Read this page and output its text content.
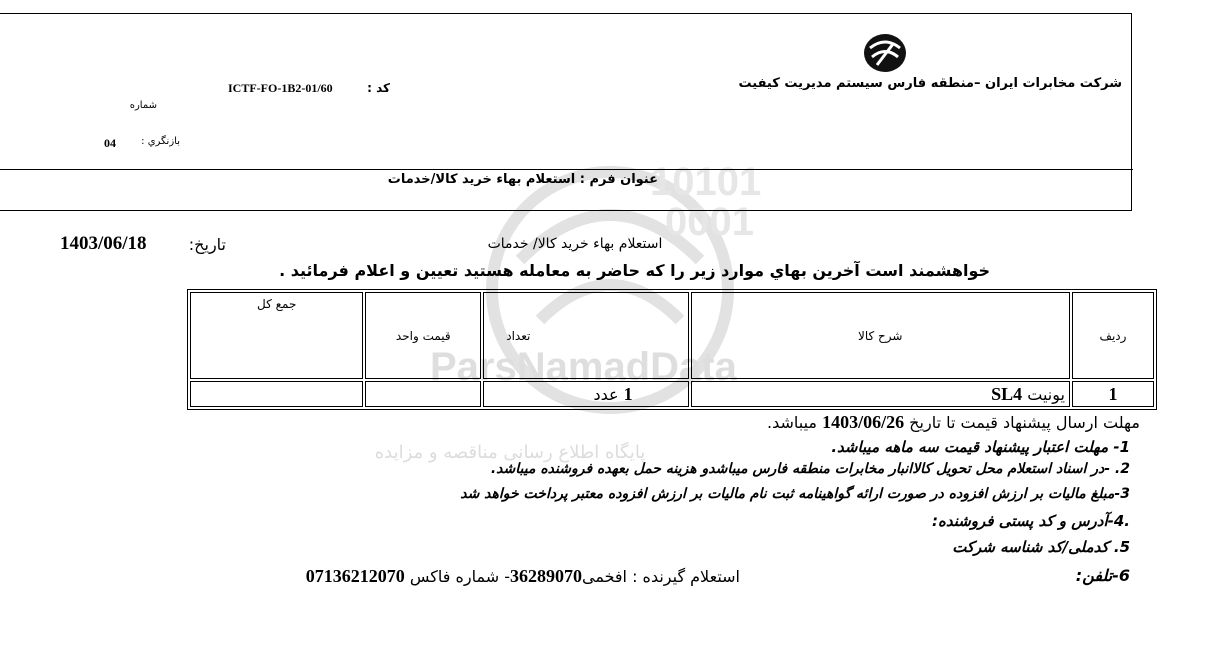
10101
0001
ParsNamadData
پایگاه اطلاع رسانی مناقصه و مزایده
شرکت مخابرات ایران –منطقه فارس سیستم مدیریت کیفیت
کد :
ICTF-FO-1B2-01/60
شماره
بازنگري :
04
عنوان فرم : استعلام بهاء خريد كالا/خدمات
استعلام بهاء خريد كالا/ خدمات
تاریخ:
1403/06/18
خواهشمند است آخرين بهاي موارد زير را كه حاضر به معامله هستيد تعيين و اعلام فرمائيد .
ردیف	شرح کالا	تعداد	قیمت واحد	جمع کل
1	یونیت SL4	1 عدد		
مهلت ارسال پیشنهاد قیمت تا تاریخ 1403/06/26 میباشد.
1- مهلت اعتبار پیشنهاد قیمت سه ماهه میباشد.
2. -در اسناد استعلام محل تحویل کالاانبار مخابرات منطقه فارس میباشدو هزینه حمل بعهده فروشنده میباشد.
3-مبلغ مالیات بر ارزش افزوده در صورت ارائه گواهینامه ثبت نام مالیات بر ارزش افزوده معتبر پرداخت خواهد شد
.4-آدرس و کد پستی فروشنده:
5. کدملی/کد شناسه شرکت
6-تلفن:
استعلام گیرنده : افخمی36289070- شماره فاکس 07136212070
